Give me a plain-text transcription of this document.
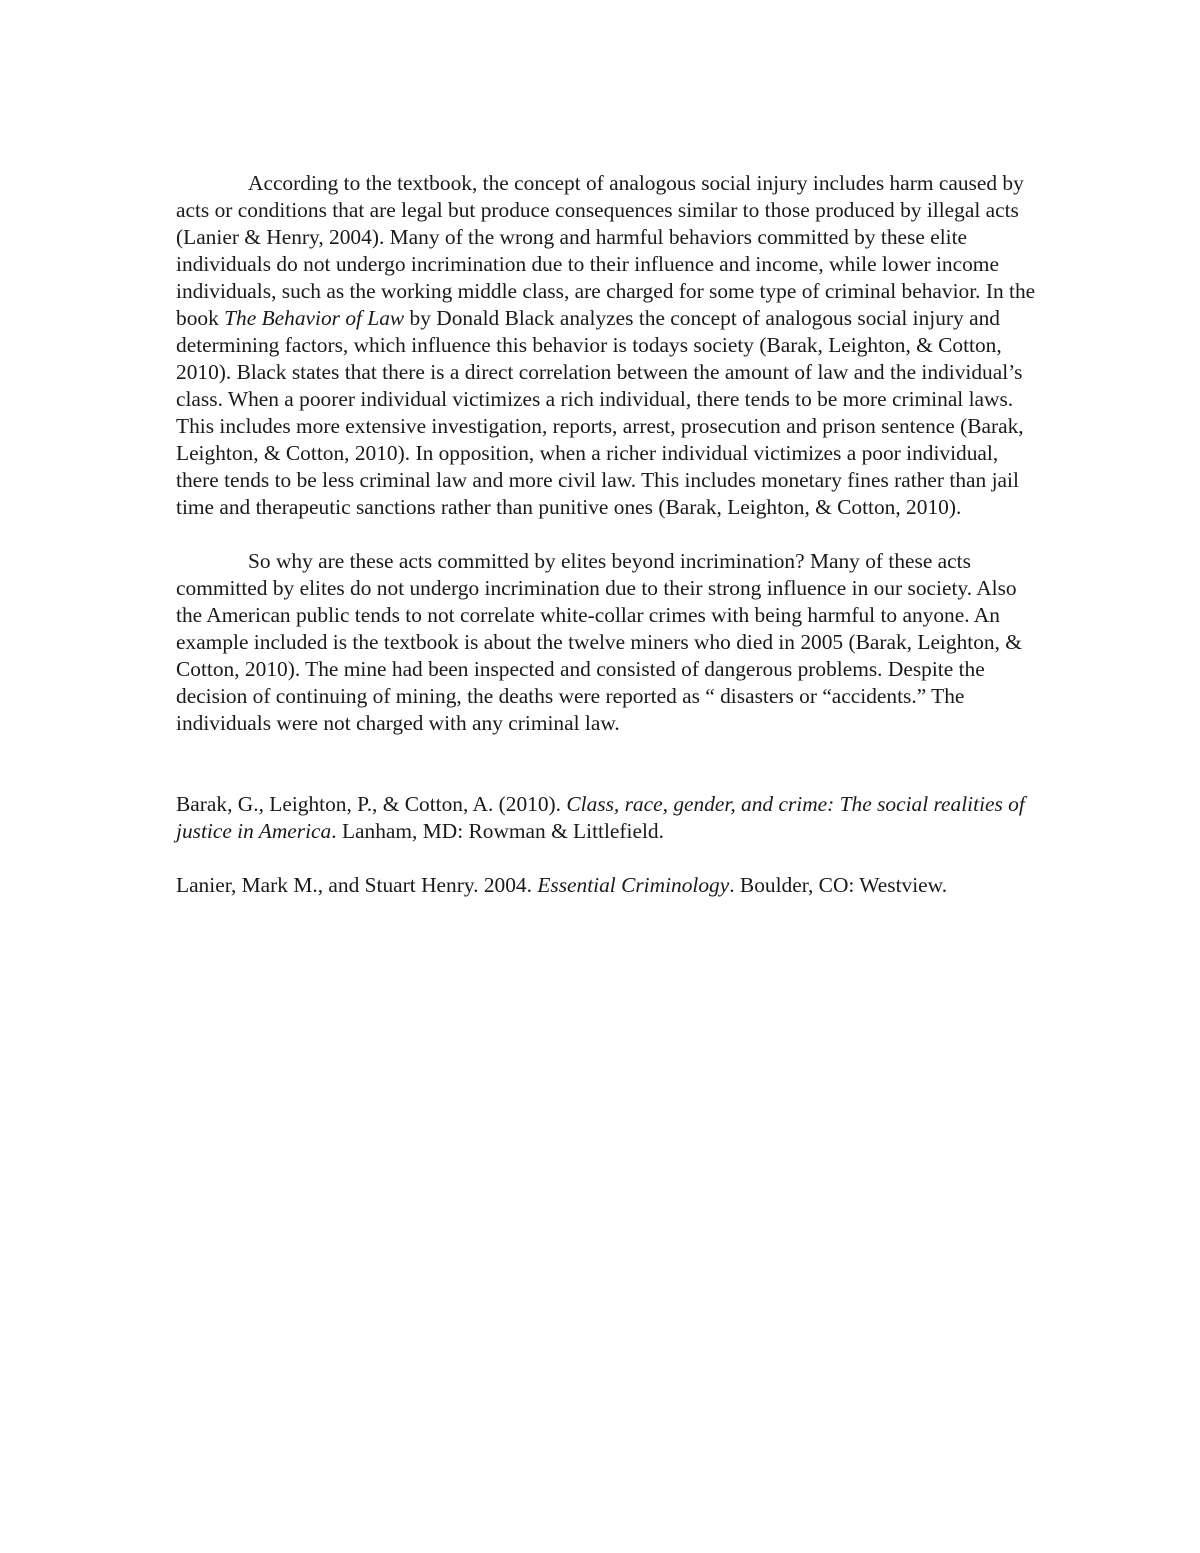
According to the textbook, the concept of analogous social injury includes harm caused by acts or conditions that are legal but produce consequences similar to those produced by illegal acts (Lanier & Henry, 2004). Many of the wrong and harmful behaviors committed by these elite individuals do not undergo incrimination due to their influence and income, while lower income individuals, such as the working middle class, are charged for some type of criminal behavior. In the book The Behavior of Law by Donald Black analyzes the concept of analogous social injury and determining factors, which influence this behavior is todays society (Barak, Leighton, & Cotton, 2010). Black states that there is a direct correlation between the amount of law and the individual’s class. When a poorer individual victimizes a rich individual, there tends to be more criminal laws. This includes more extensive investigation, reports, arrest, prosecution and prison sentence (Barak, Leighton, & Cotton, 2010). In opposition, when a richer individual victimizes a poor individual, there tends to be less criminal law and more civil law. This includes monetary fines rather than jail time and therapeutic sanctions rather than punitive ones (Barak, Leighton, & Cotton, 2010).

So why are these acts committed by elites beyond incrimination? Many of these acts committed by elites do not undergo incrimination due to their strong influence in our society. Also the American public tends to not correlate white-collar crimes with being harmful to anyone. An example included is the textbook is about the twelve miners who died in 2005 (Barak, Leighton, & Cotton, 2010). The mine had been inspected and consisted of dangerous problems. Despite the decision of continuing of mining, the deaths were reported as “ disasters or “accidents.” The individuals were not charged with any criminal law.

Barak, G., Leighton, P., & Cotton, A. (2010). Class, race, gender, and crime: The social realities of justice in America. Lanham, MD: Rowman & Littlefield.

Lanier, Mark M., and Stuart Henry. 2004. Essential Criminology. Boulder, CO: Westview.
